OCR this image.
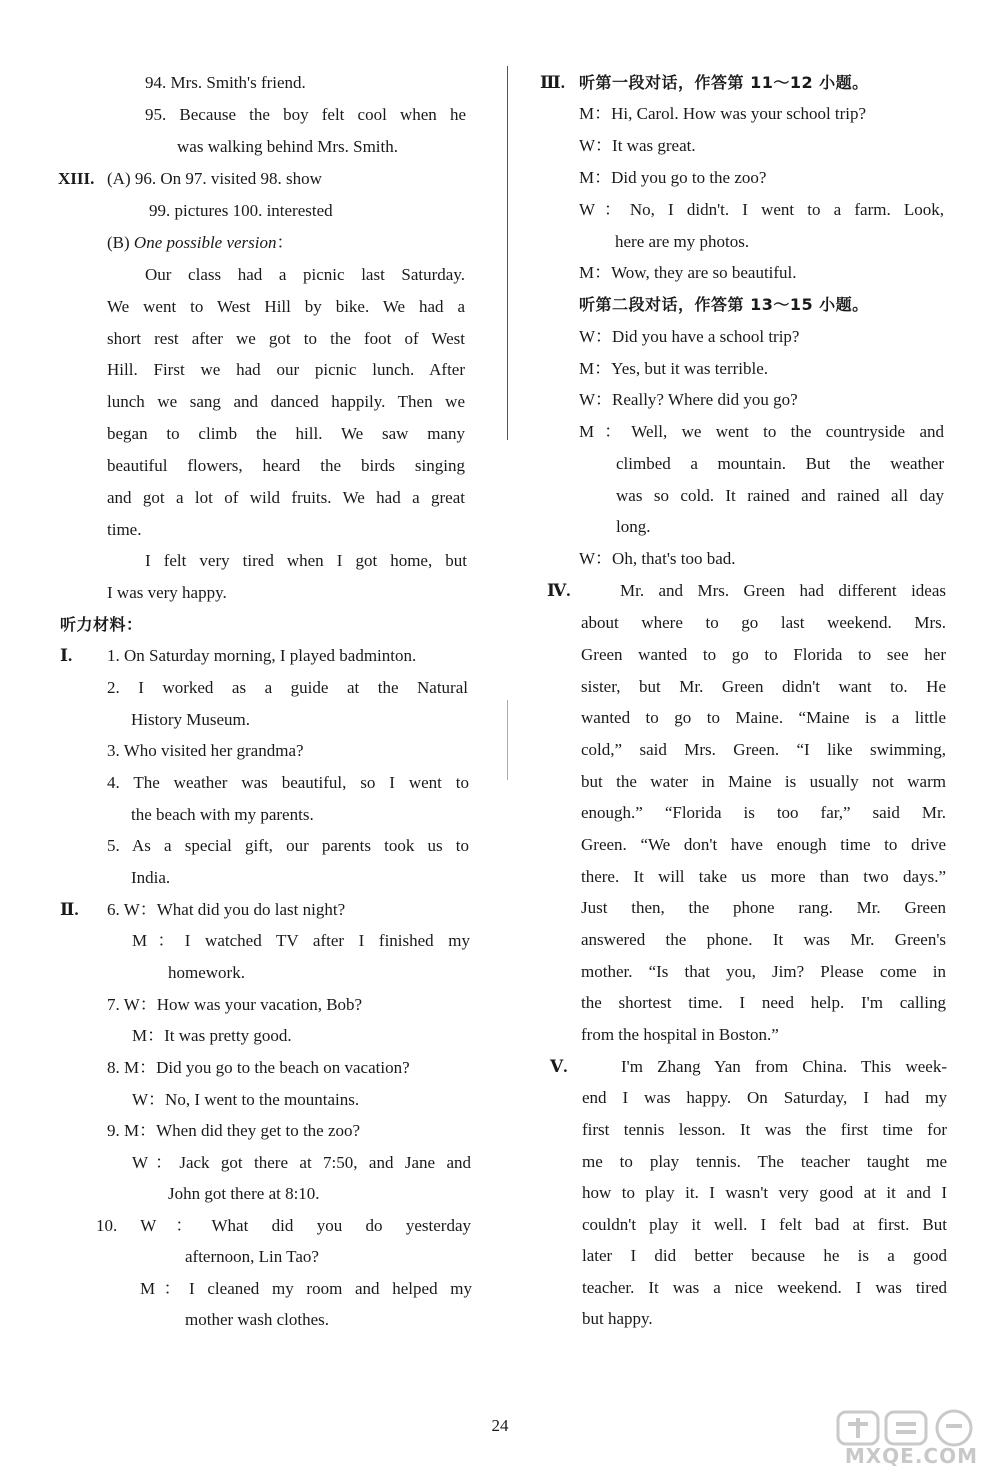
94. Mrs. Smith's friend.
95. Because the boy felt cool when he
was walking behind Mrs. Smith.
XIII. (A) 96. On 97. visited 98. show
99. pictures 100. interested
(B) One possible version：
Our class had a picnic last Saturday.
We went to West Hill by bike. We had a
short rest after we got to the foot of West
Hill. First we had our picnic lunch. After
lunch we sang and danced happily. Then we
began to climb the hill. We saw many
beautiful flowers, heard the birds singing
and got a lot of wild fruits. We had a great
time.
I felt very tired when I got home, but
I was very happy.
听力材料：
Ⅰ. 1. On Saturday morning, I played badminton.
2. I worked as a guide at the Natural
History Museum.
3. Who visited her grandma?
4. The weather was beautiful, so I went to
the beach with my parents.
5. As a special gift, our parents took us to
India.
Ⅱ. 6. W：What did you do last night?
M：I watched TV after I finished my
homework.
7. W：How was your vacation, Bob?
M：It was pretty good.
8. M：Did you go to the beach on vacation?
W：No, I went to the mountains.
9. M：When did they get to the zoo?
W：Jack got there at 7:50, and Jane and
John got there at 8:10.
10. W：What did you do yesterday
afternoon, Lin Tao?
M：I cleaned my room and helped my
mother wash clothes.
Ⅲ. 听第一段对话，作答第 11～12 小题。
M：Hi, Carol. How was your school trip?
W：It was great.
M：Did you go to the zoo?
W：No, I didn't. I went to a farm. Look,
here are my photos.
M：Wow, they are so beautiful.
听第二段对话，作答第 13～15 小题。
W：Did you have a school trip?
M：Yes, but it was terrible.
W：Really? Where did you go?
M：Well, we went to the countryside and
climbed a mountain. But the weather
was so cold. It rained and rained all day
long.
W：Oh, that's too bad.
Ⅳ.	Mr. and Mrs. Green had different ideas
about where to go last weekend. Mrs.
Green wanted to go to Florida to see her
sister, but Mr. Green didn't want to. He
wanted to go to Maine. “Maine is a little
cold,” said Mrs. Green. “I like swimming,
but the water in Maine is usually not warm
enough.” “Florida is too far,” said Mr.
Green. “We don't have enough time to drive
there. It will take us more than two days.”
Just then, the phone rang. Mr. Green
answered the phone. It was Mr. Green's
mother. “Is that you, Jim? Please come in
the shortest time. I need help. I'm calling
from the hospital in Boston.”
Ⅴ.	I'm Zhang Yan from China. This week-
end I was happy. On Saturday, I had my
first tennis lesson. It was the first time for
me to play tennis. The teacher taught me
how to play it. I wasn't very good at it and I
couldn't play it well. I felt bad at first. But
later I did better because he is a good
teacher. It was a nice weekend. I was tired
but happy.
24
MXQE.COM
